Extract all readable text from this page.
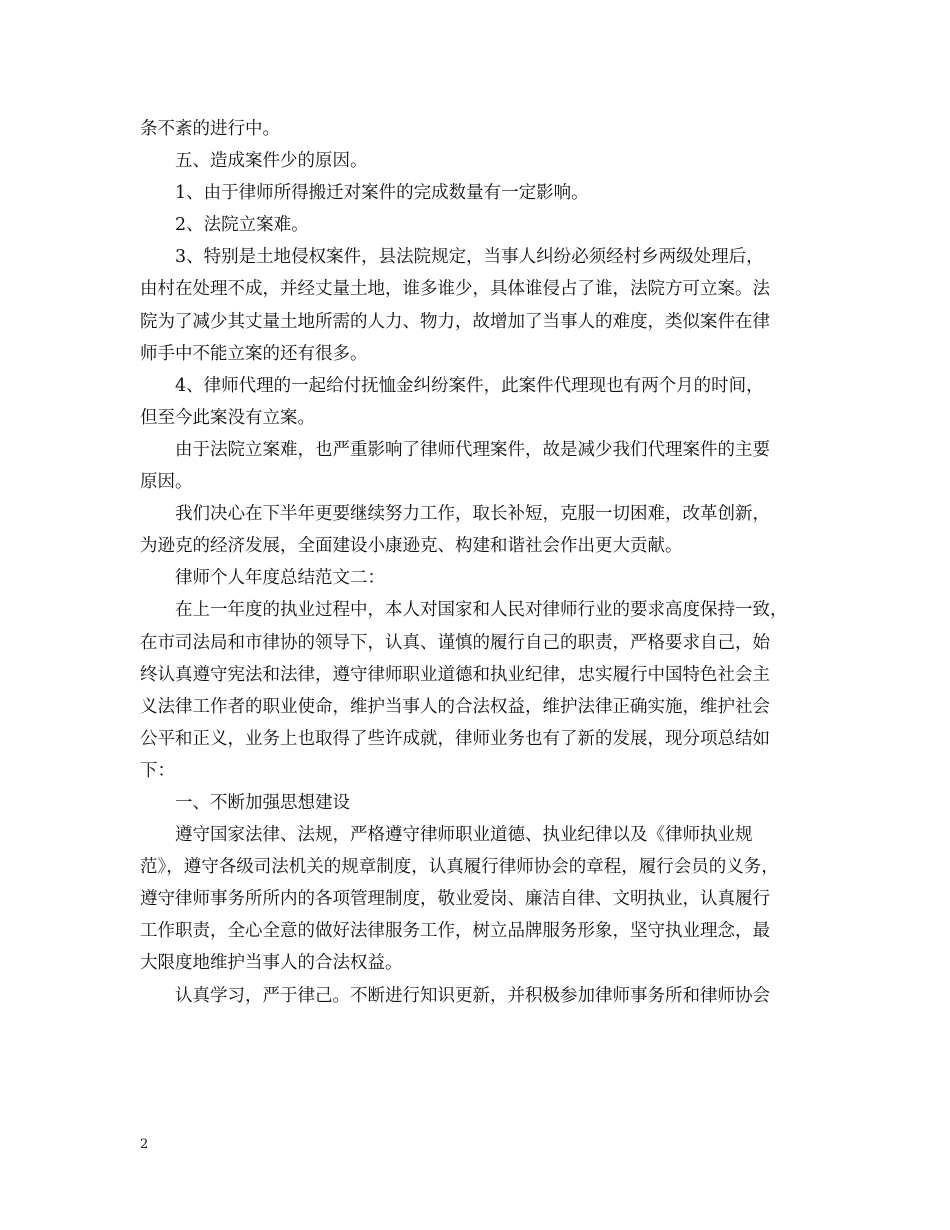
条不紊的进行中。
　　五、造成案件少的原因。
　　1、由于律师所得搬迁对案件的完成数量有一定影响。
　　2、法院立案难。
　　3、特别是土地侵权案件，县法院规定，当事人纠纷必须经村乡两级处理后，
由村在处理不成，并经丈量土地，谁多谁少，具体谁侵占了谁，法院方可立案。法
院为了减少其丈量土地所需的人力、物力，故增加了当事人的难度，类似案件在律
师手中不能立案的还有很多。
　　4、律师代理的一起给付抚恤金纠纷案件，此案件代理现也有两个月的时间，
但至今此案没有立案。
　　由于法院立案难，也严重影响了律师代理案件，故是减少我们代理案件的主要
原因。
　　我们决心在下半年更要继续努力工作，取长补短，克服一切困难，改革创新，
为逊克的经济发展，全面建设小康逊克、构建和谐社会作出更大贡献。
　　律师个人年度总结范文二：
　　在上一年度的执业过程中，本人对国家和人民对律师行业的要求高度保持一致，
在市司法局和市律协的领导下，认真、谨慎的履行自己的职责，严格要求自己，始
终认真遵守宪法和法律，遵守律师职业道德和执业纪律，忠实履行中国特色社会主
义法律工作者的职业使命，维护当事人的合法权益，维护法律正确实施，维护社会
公平和正义，业务上也取得了些许成就，律师业务也有了新的发展，现分项总结如
下：
　　一、不断加强思想建设
　　遵守国家法律、法规，严格遵守律师职业道德、执业纪律以及《律师执业规
范》，遵守各级司法机关的规章制度，认真履行律师协会的章程，履行会员的义务，
遵守律师事务所所内的各项管理制度，敬业爱岗、廉洁自律、文明执业，认真履行
工作职责，全心全意的做好法律服务工作，树立品牌服务形象，坚守执业理念，最
大限度地维护当事人的合法权益。
　　认真学习，严于律己。不断进行知识更新，并积极参加律师事务所和律师协会
2
